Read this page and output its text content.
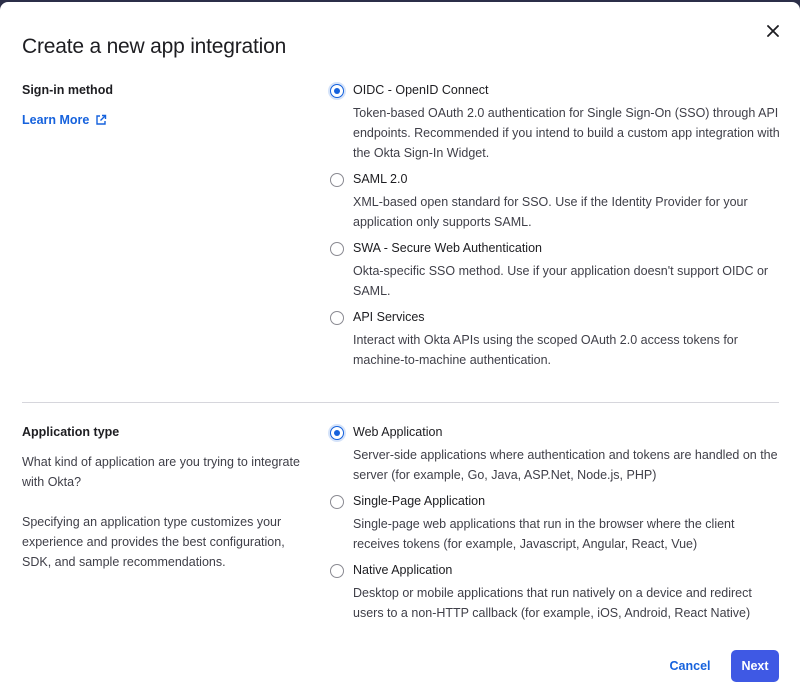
Create a new app integration
Sign-in method
Learn More
OIDC - OpenID Connect

Token-based OAuth 2.0 authentication for Single Sign-On (SSO) through API endpoints. Recommended if you intend to build a custom app integration with the Okta Sign-In Widget.

SAML 2.0

XML-based open standard for SSO. Use if the Identity Provider for your application only supports SAML.

SWA - Secure Web Authentication

Okta-specific SSO method. Use if your application doesn't support OIDC or SAML.

API Services

Interact with Okta APIs using the scoped OAuth 2.0 access tokens for machine-to-machine authentication.

Application type

What kind of application are you trying to integrate with Okta?

Specifying an application type customizes your experience and provides the best configuration, SDK, and sample recommendations.

Web Application

Server-side applications where authentication and tokens are handled on the server (for example, Go, Java, ASP.Net, Node.js, PHP)

Single-Page Application

Single-page web applications that run in the browser where the client receives tokens (for example, Javascript, Angular, React, Vue)

Native Application

Desktop or mobile applications that run natively on a device and redirect users to a non-HTTP callback (for example, iOS, Android, React Native)

Cancel	Next
